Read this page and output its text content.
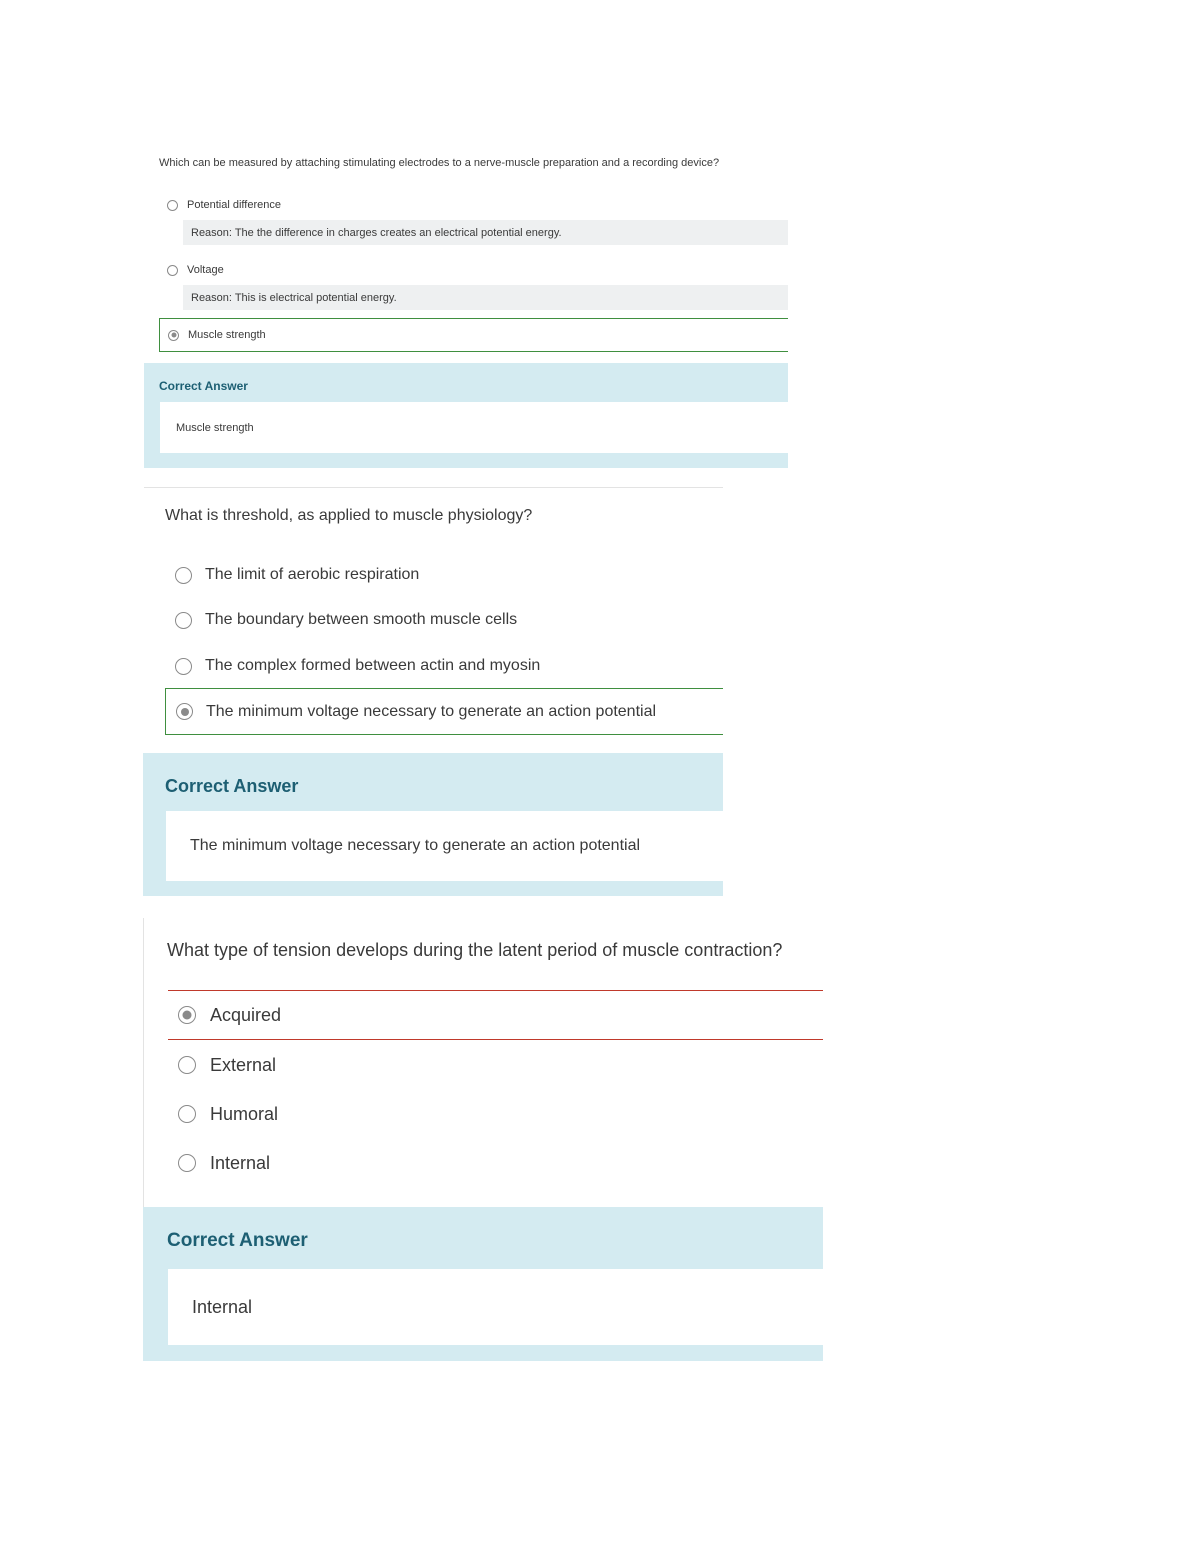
Which can be measured by attaching stimulating electrodes to a nerve-muscle preparation and a recording device?
Potential difference
Reason: The the difference in charges creates an electrical potential energy.
Voltage
Reason: This is electrical potential energy.
Muscle strength
Correct Answer
Muscle strength
What is threshold, as applied to muscle physiology?
The limit of aerobic respiration
The boundary between smooth muscle cells
The complex formed between actin and myosin
The minimum voltage necessary to generate an action potential
Correct Answer
The minimum voltage necessary to generate an action potential
What type of tension develops during the latent period of muscle contraction?
Acquired
External
Humoral
Internal
Correct Answer
Internal
